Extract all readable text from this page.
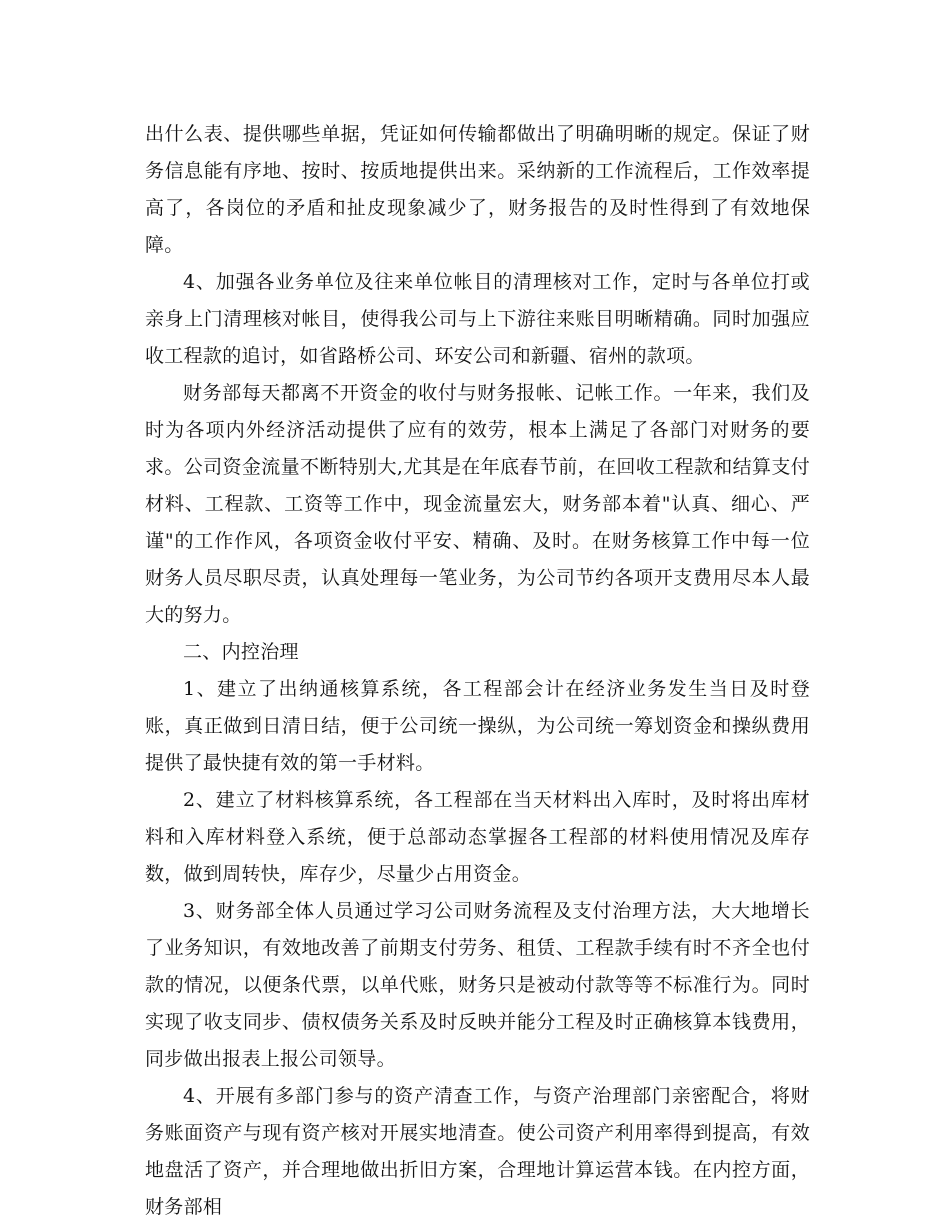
出什么表、提供哪些单据，凭证如何传输都做出了明确明晰的规定。保证了财务信息能有序地、按时、按质地提供出来。采纳新的工作流程后，工作效率提高了，各岗位的矛盾和扯皮现象减少了，财务报告的及时性得到了有效地保障。

4、加强各业务单位及往来单位帐目的清理核对工作，定时与各单位打或亲身上门清理核对帐目，使得我公司与上下游往来账目明晰精确。同时加强应收工程款的追讨，如省路桥公司、环安公司和新疆、宿州的款项。

财务部每天都离不开资金的收付与财务报帐、记帐工作。一年来，我们及时为各项内外经济活动提供了应有的效劳，根本上满足了各部门对财务的要求。公司资金流量不断特别大,尤其是在年底春节前，在回收工程款和结算支付材料、工程款、工资等工作中，现金流量宏大，财务部本着"认真、细心、严谨"的工作作风，各项资金收付平安、精确、及时。在财务核算工作中每一位财务人员尽职尽责，认真处理每一笔业务，为公司节约各项开支费用尽本人最大的努力。

二、内控治理

1、建立了出纳通核算系统，各工程部会计在经济业务发生当日及时登账，真正做到日清日结，便于公司统一操纵，为公司统一筹划资金和操纵费用提供了最快捷有效的第一手材料。

2、建立了材料核算系统，各工程部在当天材料出入库时，及时将出库材料和入库材料登入系统，便于总部动态掌握各工程部的材料使用情况及库存数，做到周转快，库存少，尽量少占用资金。

3、财务部全体人员通过学习公司财务流程及支付治理方法，大大地增长了业务知识，有效地改善了前期支付劳务、租赁、工程款手续有时不齐全也付款的情况，以便条代票，以单代账，财务只是被动付款等等不标准行为。同时实现了收支同步、债权债务关系及时反映并能分工程及时正确核算本钱费用，同步做出报表上报公司领导。

4、开展有多部门参与的资产清查工作，与资产治理部门亲密配合，将财务账面资产与现有资产核对开展实地清查。使公司资产利用率得到提高，有效地盘活了资产，并合理地做出折旧方案，合理地计算运营本钱。在内控方面，财务部相
